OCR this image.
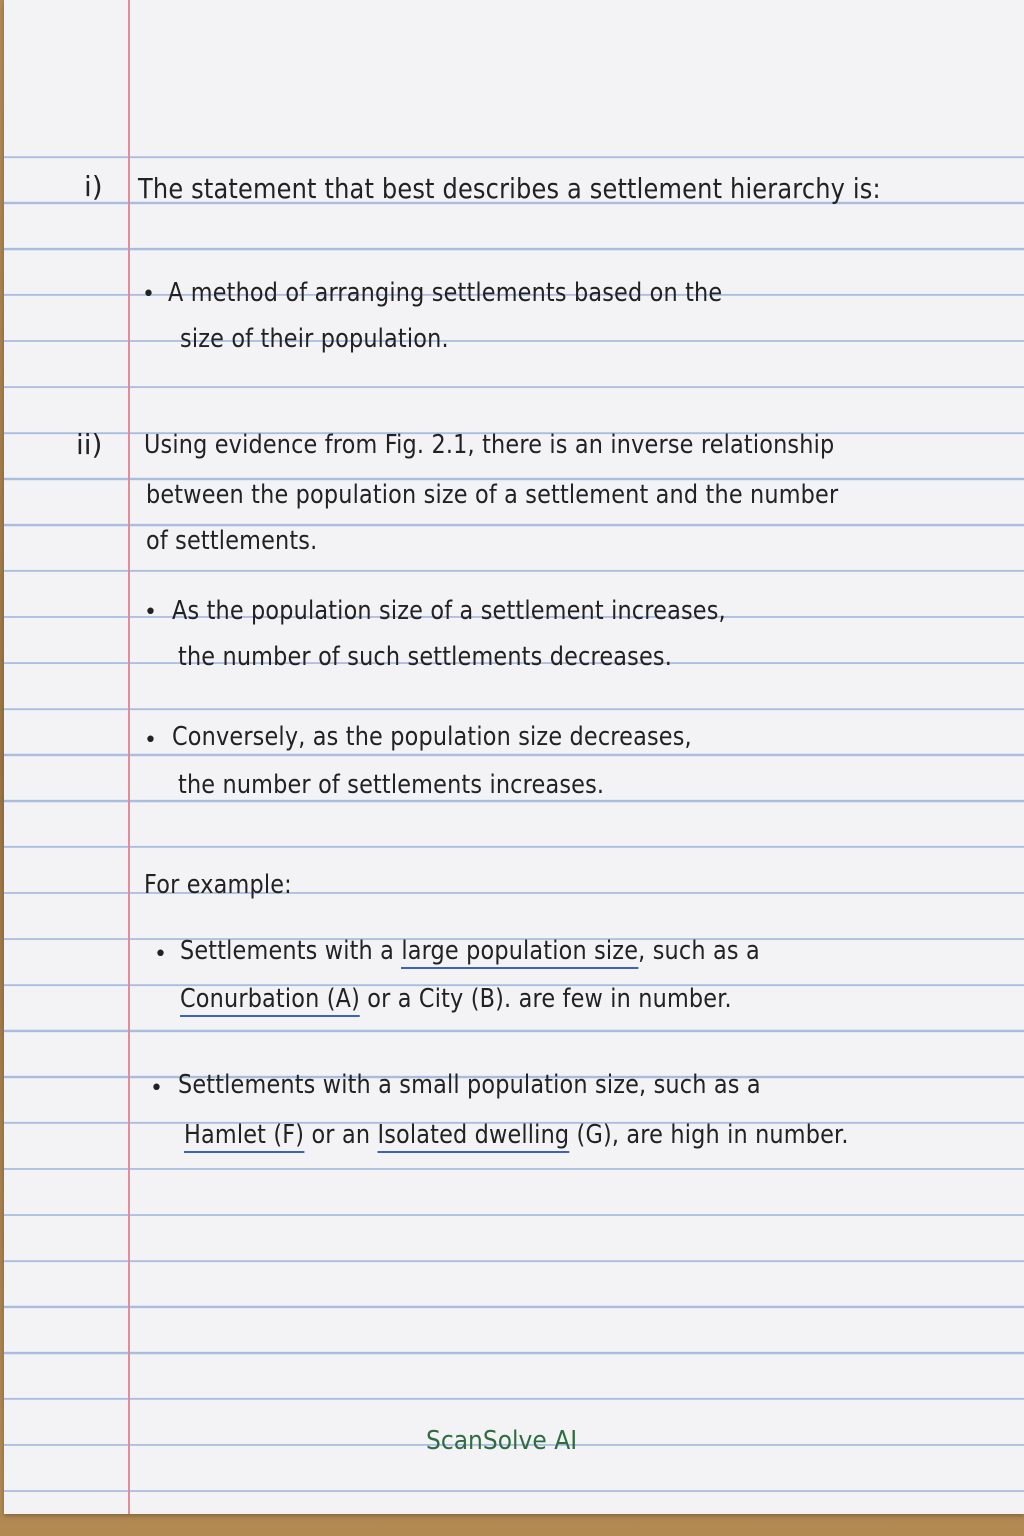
i) The statement that best describes a settlement hierarchy is:
• A method of arranging settlements based on the
size of their population.
ii) Using evidence from Fig. 2.1, there is an inverse relationship
between the population size of a settlement and the number
of settlements.
• As the population size of a settlement increases,
the number of such settlements decreases.
• Conversely, as the population size decreases,
the number of settlements increases.
For example:
• Settlements with a large population size, such as a
Conurbation (A) or a City (B). are few in number.
• Settlements with a small population size, such as a
Hamlet (F) or an Isolated dwelling (G), are high in number.
ScanSolve AI
